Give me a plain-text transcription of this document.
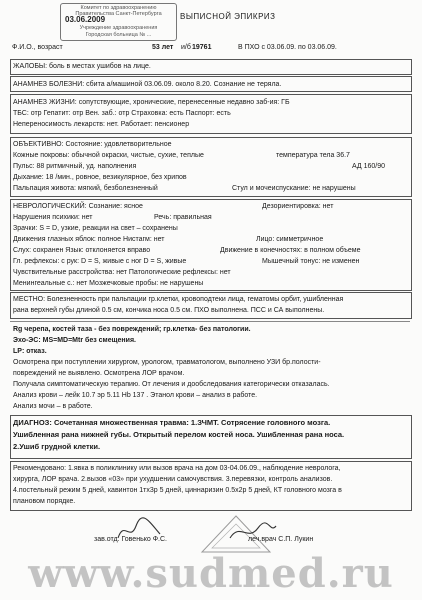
Комитет по здравоохранению
Правительства Санкт-Петербурга
03.06.2009
Учреждение здравоохранения
Городская больница № ...
ВЫПИСНОЙ ЭПИКРИЗ
Ф.И.О., возраст	53 лет и/б 19761	В ПХО с 03.06.09. по 03.06.09.
ЖАЛОБЫ: боль в местах ушибов на лице.
АНАМНЕЗ БОЛЕЗНИ: сбита а/машиной 03.06.09. около 8.20. Сознание не теряла.
АНАМНЕЗ ЖИЗНИ: сопутствующие, хронические, перенесенные недавно заб-ия: ГБ
ТБС: отр Гепатит: отр Вен. заб.: отр Страховка: есть Паспорт: есть
Непереносимость лекарств: нет. Работает: пенсионер
ОБЪЕКТИВНО: Состояние: удовлетворительное
Кожные покровы: обычной окраски, чистые, сухие, теплые	температура тела 36.7
Пульс: 88 ритмичный, уд. наполнения	АД 160/90
Дыхание: 18 /мин., ровное, везикулярное, без хрипов
Пальпация живота: мягкий, безболезненный	Стул и мочеиспускание: не нарушены
НЕВРОЛОГИЧЕСКИЙ: Сознание: ясное	Дезориентировка: нет
Нарушения психики: нет	Речь: правильная
Зрачки: S = D, узкие, реакции на свет – сохранены
Движения глазных яблок: полное Нистагм: нет	Лицо: симметричное
Слух: сохранен Язык: отклоняется вправо	Движение в конечностях: в полном объеме
Гл. рефлексы: с рук: D = S, живые с ног D = S, живые	Мышечный тонус: не изменен
Чувствительные расстройства: нет Патологические рефлексы: нет
Менингеальные с.: нет Мозжечковые пробы: не нарушены
МЕСТНО: Болезненность при пальпации гр.клетки, кровоподтеки лица, гематомы орбит, ушибленная
рана верхней губы длиной 0.5 см, кончика носа 0.5 см. ПХО выполнена. ПСС и СА выполнены.
Rg черепа, костей таза - без повреждений; гр.клетка- без патологии.
Эхо-ЭС: MS=MD=Mtr без смещения.
LP: отказ.
Осмотрена при поступлении хирургом, урологом, травматологом, выполнено УЗИ бр.полости-
повреждений не выявлено. Осмотрена ЛОР врачом.
Получала симптоматическую терапию. От лечения и дообследования категорически отказалась.
Анализ крови – лейк 10.7 эр 5.11 Нb 137 . Этанол крови – анализ в работе.
Анализ мочи – в работе.
ДИАГНОЗ: Сочетанная множественная травма: 1.ЗЧМТ. Сотрясение головного мозга.
Ушибленная рана нижней губы. Открытый перелом костей носа. Ушибленная рана носа.
2.Ушиб грудной клетки.
Рекомендовано: 1.явка в поликлинику или вызов врача на дом 03-04.06.09., наблюдение невролога,
хирурга, ЛОР врача. 2.вызов «03» при ухудшении самочувствия. 3.перевязки, контроль анализов.
4.постельный режим 5 дней, кавинтон 1тх3р 5 дней, циннаризин 0.5х2р 5 дней, КТ головного мозга в
плановом порядке.
зав.отд. Говенько Ф.С.	леч.врач С.П. Лукин
www.sudmed.ru
